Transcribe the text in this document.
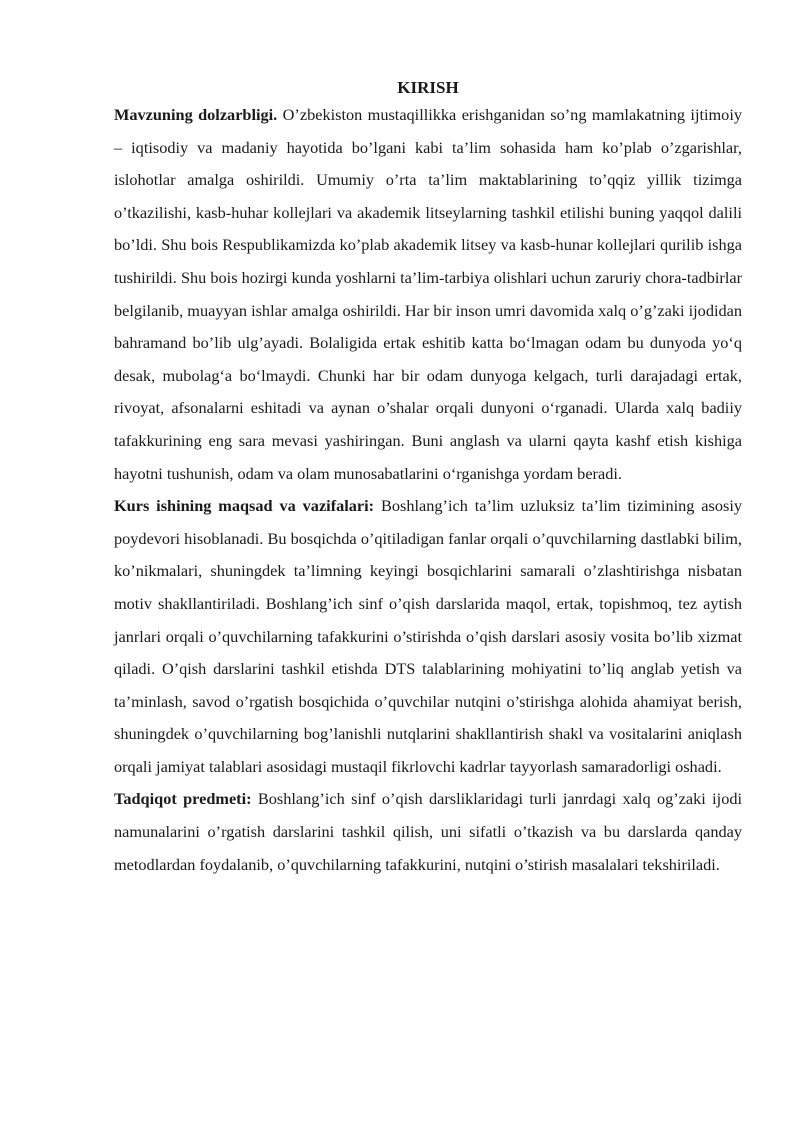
KIRISH

Mavzuning dolzarbligi. O’zbekiston mustaqillikka erishganidan so’ng mamlakatning ijtimoiy – iqtisodiy va madaniy hayotida bo’lgani kabi ta’lim sohasida ham ko’plab o’zgarishlar, islohotlar amalga oshirildi. Umumiy o’rta ta’lim maktablarining to’qqiz yillik tizimga o’tkazilishi, kasb-huhar kollejlari va akademik litseylarning tashkil etilishi buning yaqqol dalili bo’ldi. Shu bois Respublikamizda ko’plab akademik litsey va kasb-hunar kollejlari qurilib ishga tushirildi. Shu bois hozirgi kunda yoshlarni ta’lim-tarbiya olishlari uchun zaruriy chora-tadbirlar belgilanib, muayyan ishlar amalga oshirildi. Har bir inson umri davomida xalq o’g’zaki ijodidan bahramand bo’lib ulg’ayadi. Bolaligida ertak eshitib katta bo‘lmagan odam bu dunyoda yo‘q desak, mubolag‘a bo‘lmaydi. Chunki har bir odam dunyoga kelgach, turli darajadagi ertak, rivoyat, afsonalarni eshitadi va aynan o’shalar orqali dunyoni o‘rganadi. Ularda xalq badiiy tafakkurining eng sara mevasi yashiringan. Buni anglash va ularni qayta kashf etish kishiga hayotni tushunish, odam va olam munosabatlarini o‘rganishga yordam beradi.

Kurs ishining maqsad va vazifalari: Boshlang’ich ta’lim uzluksiz ta’lim tizimining asosiy poydevori hisoblanadi. Bu bosqichda o’qitiladigan fanlar orqali o’quvchilarning dastlabki bilim, ko’nikmalari, shuningdek ta’limning keyingi bosqichlarini samarali o’zlashtirishga nisbatan motiv shakllantiriladi. Boshlang’ich sinf o’qish darslarida maqol, ertak, topishmoq, tez aytish janrlari orqali o’quvchilarning tafakkurini o’stirishda o’qish darslari asosiy vosita bo’lib xizmat qiladi. O’qish darslarini tashkil etishda DTS talablarining mohiyatini to’liq anglab yetish va ta’minlash, savod o’rgatish bosqichida o’quvchilar nutqini o’stirishga alohida ahamiyat berish, shuningdek o’quvchilarning bog’lanishli nutqlarini shakllantirish shakl va vositalarini aniqlash orqali jamiyat talablari asosidagi mustaqil fikrlovchi kadrlar tayyorlash samaradorligi oshadi.

Tadqiqot predmeti: Boshlang’ich sinf o’qish darsliklaridagi turli janrdagi xalq og’zaki ijodi namunalarini o’rgatish darslarini tashkil qilish, uni sifatli o’tkazish va bu darslarda qanday metodlardan foydalanib, o’quvchilarning tafakkurini, nutqini o’stirish masalalari tekshiriladi.
